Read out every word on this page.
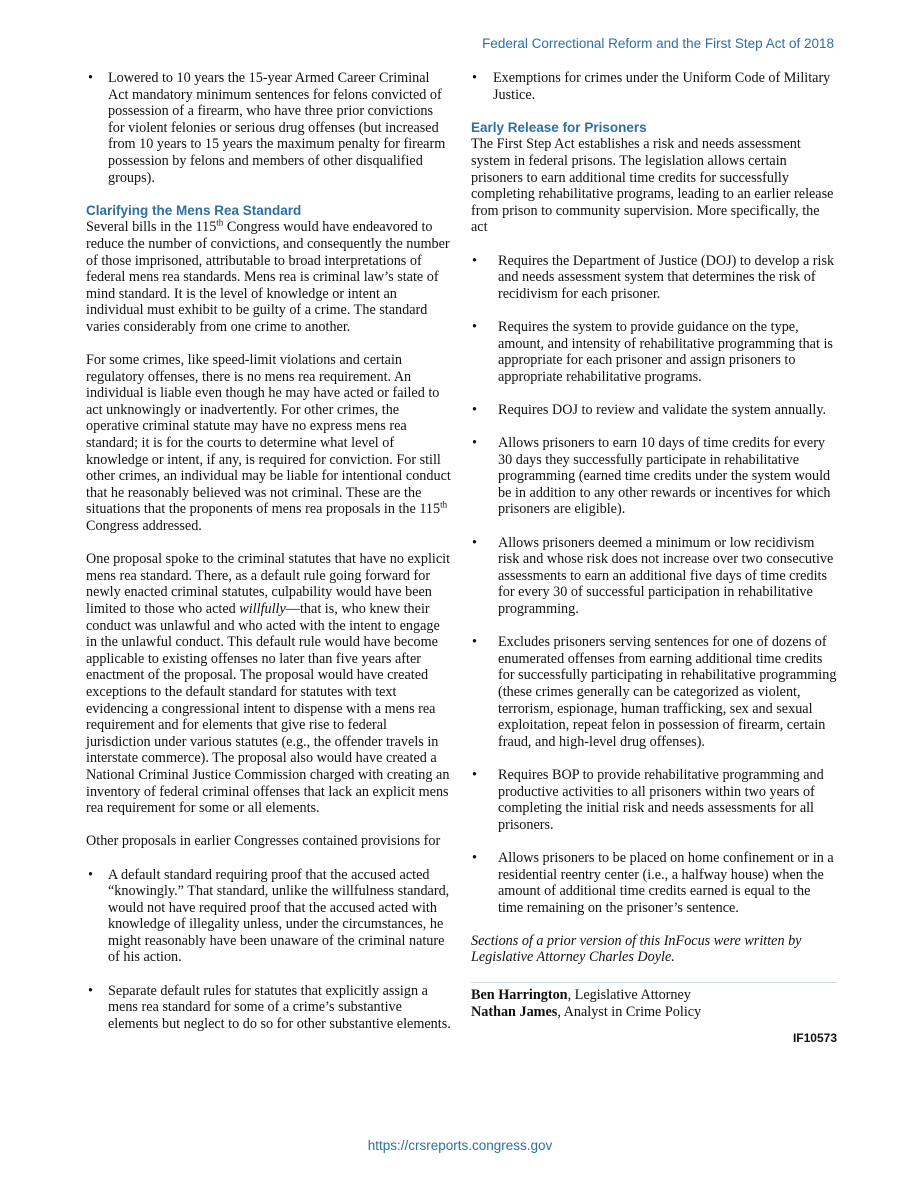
Federal Correctional Reform and the First Step Act of 2018

• Lowered to 10 years the 15-year Armed Career Criminal Act mandatory minimum sentences for felons convicted of possession of a firearm, who have three prior convictions for violent felonies or serious drug offenses (but increased from 10 years to 15 years the maximum penalty for firearm possession by felons and members of other disqualified groups).

Clarifying the Mens Rea Standard

Several bills in the 115th Congress would have endeavored to reduce the number of convictions, and consequently the number of those imprisoned, attributable to broad interpretations of federal mens rea standards. Mens rea is criminal law’s state of mind standard. It is the level of knowledge or intent an individual must exhibit to be guilty of a crime. The standard varies considerably from one crime to another.

For some crimes, like speed-limit violations and certain regulatory offenses, there is no mens rea requirement. An individual is liable even though he may have acted or failed to act unknowingly or inadvertently. For other crimes, the operative criminal statute may have no express mens rea standard; it is for the courts to determine what level of knowledge or intent, if any, is required for conviction. For still other crimes, an individual may be liable for intentional conduct that he reasonably believed was not criminal. These are the situations that the proponents of mens rea proposals in the 115th Congress addressed.

One proposal spoke to the criminal statutes that have no explicit mens rea standard. There, as a default rule going forward for newly enacted criminal statutes, culpability would have been limited to those who acted willfully—that is, who knew their conduct was unlawful and who acted with the intent to engage in the unlawful conduct. This default rule would have become applicable to existing offenses no later than five years after enactment of the proposal. The proposal would have created exceptions to the default standard for statutes with text evidencing a congressional intent to dispense with a mens rea requirement and for elements that give rise to federal jurisdiction under various statutes (e.g., the offender travels in interstate commerce). The proposal also would have created a National Criminal Justice Commission charged with creating an inventory of federal criminal offenses that lack an explicit mens rea requirement for some or all elements.

Other proposals in earlier Congresses contained provisions for

• A default standard requiring proof that the accused acted “knowingly.” That standard, unlike the willfulness standard, would not have required proof that the accused acted with knowledge of illegality unless, under the circumstances, he might reasonably have been unaware of the criminal nature of his action.

• Separate default rules for statutes that explicitly assign a mens rea standard for some of a crime’s substantive elements but neglect to do so for other substantive elements.

• Exemptions for crimes under the Uniform Code of Military Justice.

Early Release for Prisoners

The First Step Act establishes a risk and needs assessment system in federal prisons. The legislation allows certain prisoners to earn additional time credits for successfully completing rehabilitative programs, leading to an earlier release from prison to community supervision. More specifically, the act

• Requires the Department of Justice (DOJ) to develop a risk and needs assessment system that determines the risk of recidivism for each prisoner.

• Requires the system to provide guidance on the type, amount, and intensity of rehabilitative programming that is appropriate for each prisoner and assign prisoners to appropriate rehabilitative programs.

• Requires DOJ to review and validate the system annually.

• Allows prisoners to earn 10 days of time credits for every 30 days they successfully participate in rehabilitative programming (earned time credits under the system would be in addition to any other rewards or incentives for which prisoners are eligible).

• Allows prisoners deemed a minimum or low recidivism risk and whose risk does not increase over two consecutive assessments to earn an additional five days of time credits for every 30 of successful participation in rehabilitative programming.

• Excludes prisoners serving sentences for one of dozens of enumerated offenses from earning additional time credits for successfully participating in rehabilitative programming (these crimes generally can be categorized as violent, terrorism, espionage, human trafficking, sex and sexual exploitation, repeat felon in possession of firearm, certain fraud, and high-level drug offenses).

• Requires BOP to provide rehabilitative programming and productive activities to all prisoners within two years of completing the initial risk and needs assessments for all prisoners.

• Allows prisoners to be placed on home confinement or in a residential reentry center (i.e., a halfway house) when the amount of additional time credits earned is equal to the time remaining on the prisoner’s sentence.

Sections of a prior version of this InFocus were written by Legislative Attorney Charles Doyle.

Ben Harrington, Legislative Attorney

Nathan James, Analyst in Crime Policy

IF10573
https://crsreports.congress.gov
